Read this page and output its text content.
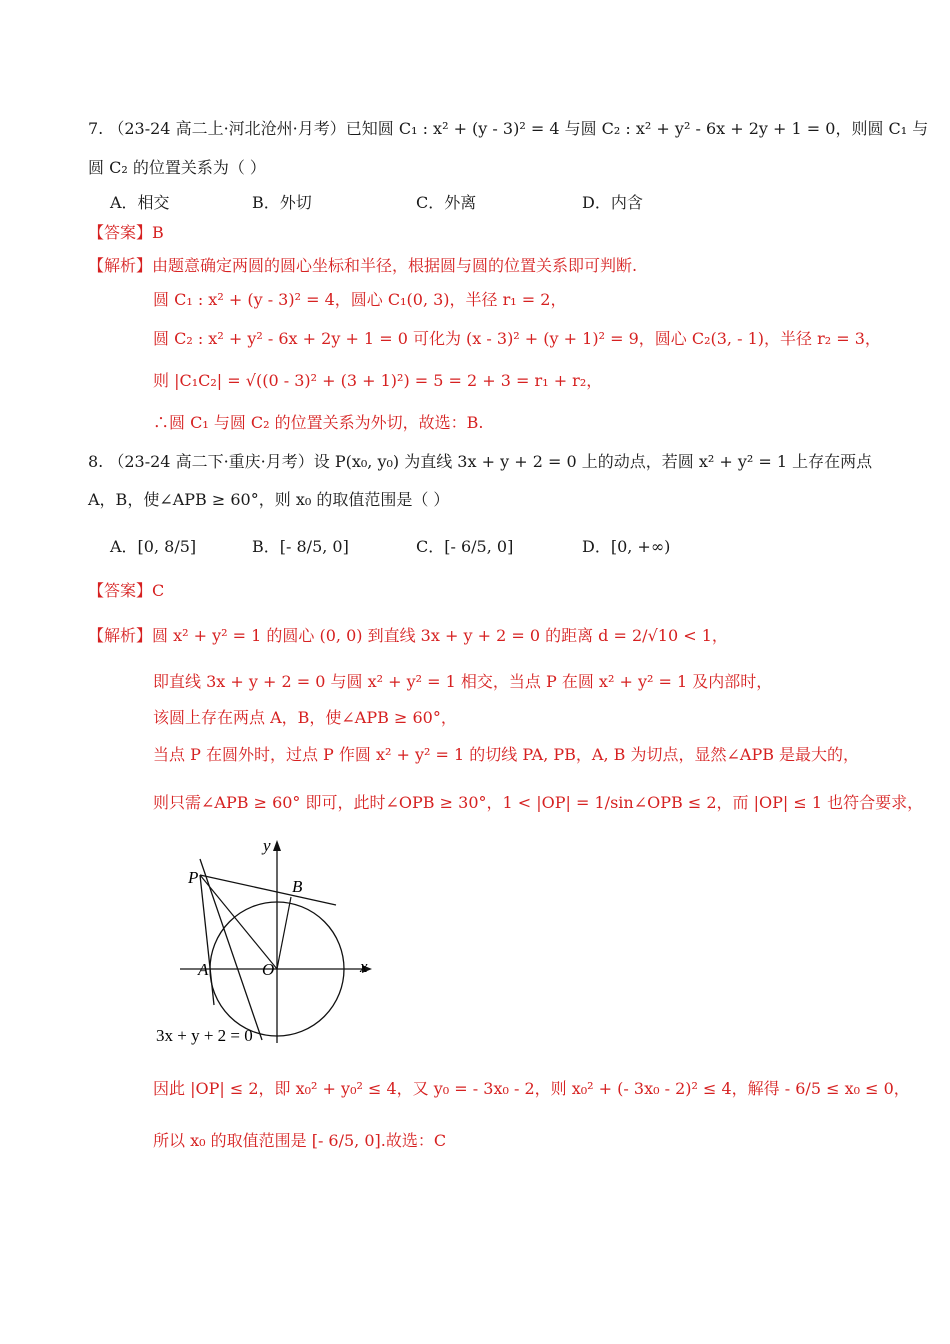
7. （23-24 高二上·河北沧州·月考）已知圆 C₁ : x² + (y - 3)² = 4 与圆 C₂ : x² + y² - 6x + 2y + 1 = 0，则圆 C₁ 与
圆 C₂ 的位置关系为（ ）
A．相交	B．外切	C．外离	D．内含
【答案】B
【解析】由题意确定两圆的圆心坐标和半径，根据圆与圆的位置关系即可判断.
圆 C₁ : x² + (y - 3)² = 4，圆心 C₁(0, 3)，半径 r₁ = 2，
圆 C₂ : x² + y² - 6x + 2y + 1 = 0 可化为 (x - 3)² + (y + 1)² = 9，圆心 C₂(3, - 1)，半径 r₂ = 3，
则 |C₁C₂| = √((0 - 3)² + (3 + 1)²) = 5 = 2 + 3 = r₁ + r₂，
∴圆 C₁ 与圆 C₂ 的位置关系为外切，故选：B.
8. （23-24 高二下·重庆·月考）设 P(x₀, y₀) 为直线 3x + y + 2 = 0 上的动点，若圆 x² + y² = 1 上存在两点
A，B，使∠APB ≥ 60°，则 x₀ 的取值范围是（ ）
A．[0, 8/5]	B．[- 8/5, 0]	C．[- 6/5, 0]	D．[0, +∞)
【答案】C
【解析】圆 x² + y² = 1 的圆心 (0, 0) 到直线 3x + y + 2 = 0 的距离 d = 2/√10 < 1，
即直线 3x + y + 2 = 0 与圆 x² + y² = 1 相交，当点 P 在圆 x² + y² = 1 及内部时，
该圆上存在两点 A，B，使∠APB ≥ 60°，
当点 P 在圆外时，过点 P 作圆 x² + y² = 1 的切线 PA, PB，A, B 为切点，显然∠APB 是最大的，
则只需∠APB ≥ 60° 即可，此时∠OPB ≥ 30°，1 < |OP| = 1/sin∠OPB ≤ 2，而 |OP| ≤ 1 也符合要求，
y
x
P	B
A	O
3x + y + 2 = 0
因此 |OP| ≤ 2，即 x₀² + y₀² ≤ 4，又 y₀ = - 3x₀ - 2，则 x₀² + (- 3x₀ - 2)² ≤ 4，解得 - 6/5 ≤ x₀ ≤ 0，
所以 x₀ 的取值范围是 [- 6/5, 0].故选：C
